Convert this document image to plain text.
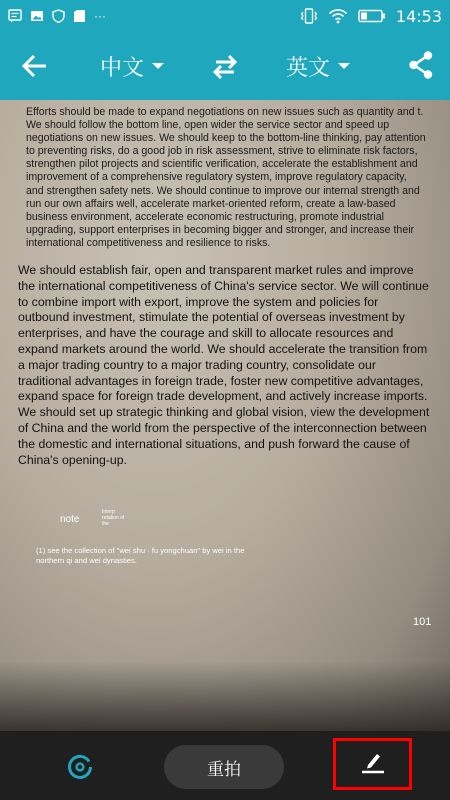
···	14:53
中文	英文
Efforts should be made to expand negotiations on new issues such as quantity and t. We should follow the bottom line, open wider the service sector and speed up negotiations on new issues. We should keep to the bottom-line thinking, pay attention to preventing risks, do a good job in risk assessment, strive to eliminate risk factors, strengthen pilot projects and scientific verification, accelerate the establishment and improvement of a comprehensive regulatory system, improve regulatory capacity, and strengthen safety nets. We should continue to improve our internal strength and run our own affairs well, accelerate market-oriented reform, create a law-based business environment, accelerate economic restructuring, promote industrial upgrading, support enterprises in becoming bigger and stronger, and increase their international competitiveness and resilience to risks.
We should establish fair, open and transparent market rules and improve the international competitiveness of China's service sector. We will continue to combine import with export, improve the system and policies for outbound investment, stimulate the potential of overseas investment by enterprises, and have the courage and skill to allocate resources and expand markets around the world. We should accelerate the transition from a major trading country to a major trading country, consolidate our traditional advantages in foreign trade, foster new competitive advantages, expand space for foreign trade development, and actively increase imports. We should set up strategic thinking and global vision, view the development of China and the world from the perspective of the interconnection between the domestic and international situations, and push forward the cause of China's opening-up.
note
Interp retation of the
(1) see the collection of "wei shu · fu yongchuan" by wei in the northern qi and wei dynasties.
101
重拍
